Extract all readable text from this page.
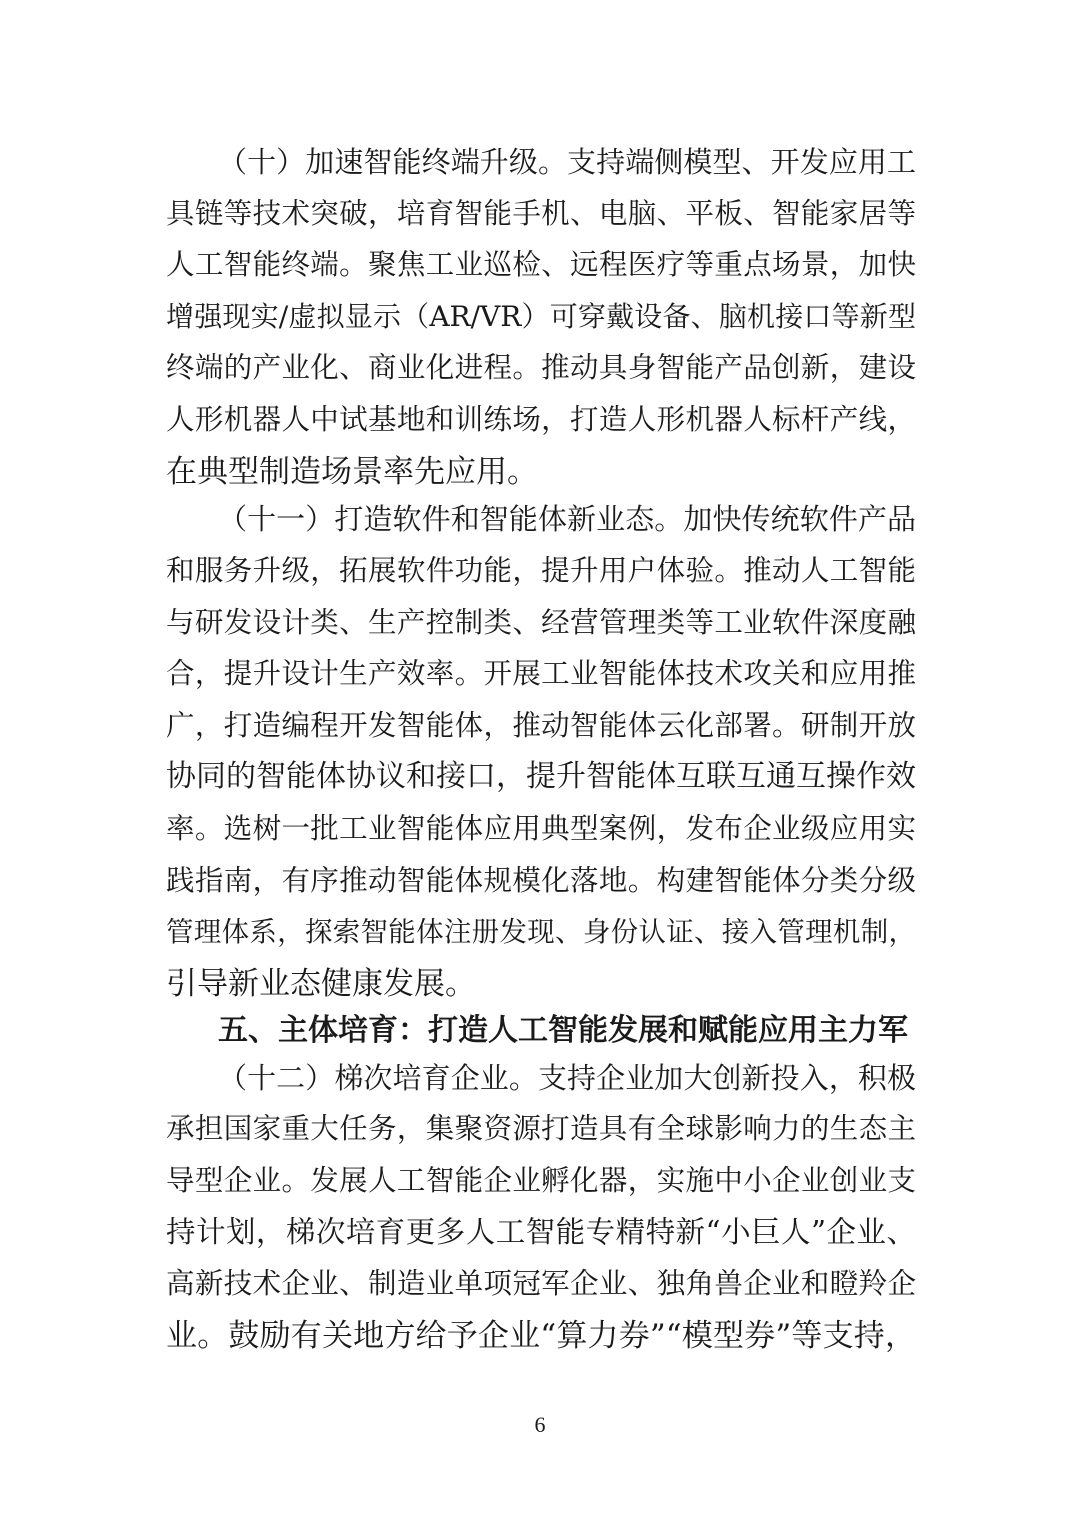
（十）加速智能终端升级。支持端侧模型、开发应用工
具链等技术突破，培育智能手机、电脑、平板、智能家居等
人工智能终端。聚焦工业巡检、远程医疗等重点场景，加快
增强现实/虚拟显示（AR/VR）可穿戴设备、脑机接口等新型
终端的产业化、商业化进程。推动具身智能产品创新，建设
人形机器人中试基地和训练场，打造人形机器人标杆产线，
在典型制造场景率先应用。
（十一）打造软件和智能体新业态。加快传统软件产品
和服务升级，拓展软件功能，提升用户体验。推动人工智能
与研发设计类、生产控制类、经营管理类等工业软件深度融
合，提升设计生产效率。开展工业智能体技术攻关和应用推
广，打造编程开发智能体，推动智能体云化部署。研制开放
协同的智能体协议和接口，提升智能体互联互通互操作效
率。选树一批工业智能体应用典型案例，发布企业级应用实
践指南，有序推动智能体规模化落地。构建智能体分类分级
管理体系，探索智能体注册发现、身份认证、接入管理机制，
引导新业态健康发展。
五、主体培育：打造人工智能发展和赋能应用主力军
（十二）梯次培育企业。支持企业加大创新投入，积极
承担国家重大任务，集聚资源打造具有全球影响力的生态主
导型企业。发展人工智能企业孵化器，实施中小企业创业支
持计划，梯次培育更多人工智能专精特新“小巨人”企业、
高新技术企业、制造业单项冠军企业、独角兽企业和瞪羚企
业。鼓励有关地方给予企业“算力券”“模型券”等支持，
6
